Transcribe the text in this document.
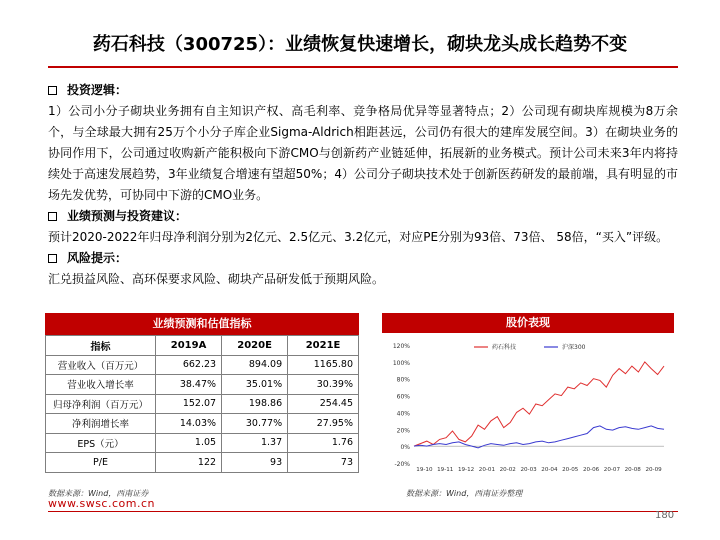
药石科技（300725）：业绩恢复快速增长，砌块龙头成长趋势不变
投资逻辑：
1）公司小分子砌块业务拥有自主知识产权、高毛利率、竞争格局优异等显著特点；2）公司现有砌块库规模为8万余个，与全球最大拥有25万个小分子库企业Sigma-Aldrich相距甚远，公司仍有很大的建库发展空间。3）在砌块业务的协同作用下，公司通过收购新产能积极向下游CMO与创新药产业链延伸，拓展新的业务模式。预计公司未来3年内将持续处于高速发展趋势，3年业绩复合增速有望超50%；4）公司分子砌块技术处于创新医药研发的最前端，具有明显的市场先发优势，可协同中下游的CMO业务。
业绩预测与投资建议：
预计2020-2022年归母净利润分别为2亿元、2.5亿元、3.2亿元，对应PE分别为93倍、73倍、 58倍，“买入”评级。
风险提示：
汇兑损益风险、高环保要求风险、砌块产品研发低于预期风险。
业绩预测和估值指标
指标	2019A	2020E	2021E
营业收入（百万元）	662.23	894.09	1165.80
营业收入增长率	38.47%	35.01%	30.39%
归母净利润（百万元）	152.07	198.86	254.45
净利润增长率	14.03%	30.77%	27.95%
EPS（元）	1.05	1.37	1.76
P/E	122	93	73
股价表现
-20%
0%
20%
40%
60%
80%
100%
120%
19-10 19-11 19-12 20-01 20-02 20-03 20-04 20-05 20-06 20-07 20-08 20-09
药石科技	沪深300
数据来源：Wind，西南证券	数据来源：Wind，西南证券整理
www.swsc.com.cn
180
